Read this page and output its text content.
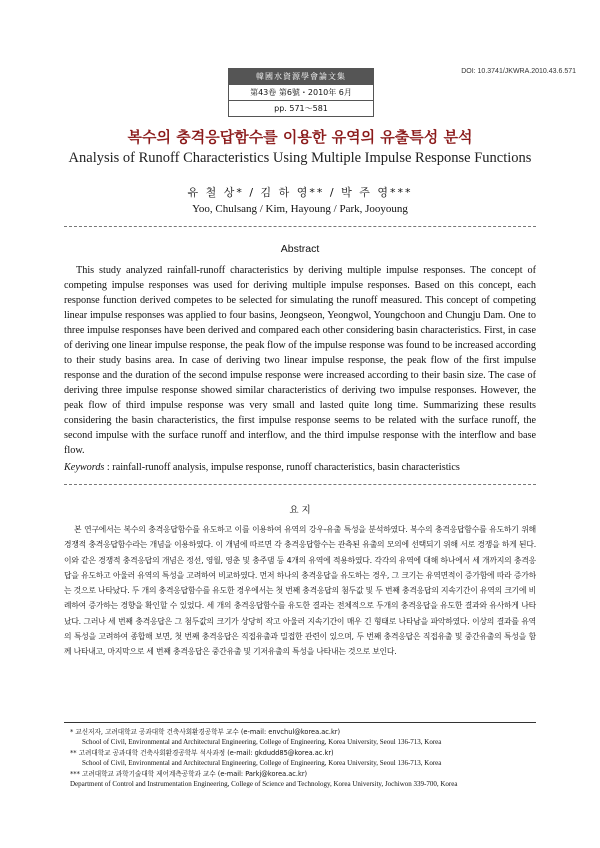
韓國水資源學會論文集
第43卷 第6號・2010年 6月
pp. 571～581
DOI: 10.3741/JKWRA.2010.43.6.571
복수의 충격응답함수를 이용한 유역의 유출특성 분석
Analysis of Runoff Characteristics Using Multiple Impulse Response Functions
유 철 상* / 김 하 영** / 박 주 영***
Yoo, Chulsang / Kim, Hayoung / Park, Jooyoung
Abstract

This study analyzed rainfall-runoff characteristics by deriving multiple impulse responses. The concept of competing impulse responses was used for deriving multiple impulse responses. Based on this concept, each response function derived competes to be selected for simulating the runoff measured. This concept of competing linear impulse responses was applied to four basins, Jeongseon, Yeongwol, Youngchoon and Chungju Dam. One to three impulse responses have been derived and compared each other considering basin characteristics. First, in case of deriving one linear impulse response, the peak flow of the impulse response was found to be increased according to their study basins area. In case of deriving two linear impulse response, the peak flow of the first impulse response and the duration of the second impulse response were increased according to their basin size. The case of deriving three impulse response showed similar characteristics of deriving two impulse responses. However, the peak flow of third impulse response was very small and lasted quite long time. Summarizing these results considering the basin characteristics, the first impulse response seems to be related with the surface runoff, the second impulse with the surface runoff and interflow, and the third impulse response with the interflow and base flow.

Keywords : rainfall-runoff analysis, impulse response, runoff characteristics, basin characteristics
요 지

본 연구에서는 복수의 충격응답함수를 유도하고 이를 이용하여 유역의 강우-유출 특성을 분석하였다. 복수의 충격응답함수를 유도하기 위해 경쟁적 충격응답함수라는 개념을 이용하였다. 이 개념에 따르면 각 충격응답함수는 관측된 유출의 모의에 선택되기 위해 서로 경쟁을 하게 된다. 이와 같은 경쟁적 충격응답의 개념은 정선, 영월, 영춘 및 충주댐 등 4개의 유역에 적용하였다. 각각의 유역에 대해 하나에서 세 개까지의 충격응답을 유도하고 아울러 유역의 특성을 고려하여 비교하였다. 먼저 하나의 충격응답을 유도하는 경우, 그 크기는 유역면적이 증가함에 따라 증가하는 것으로 나타났다. 두 개의 충격응답함수를 유도한 경우에서는 첫 번째 충격응답의 첨두값 및 두 번째 충격응답의 지속기간이 유역의 크기에 비례하여 증가하는 경향을 확인할 수 있었다. 세 개의 충격응답함수를 유도한 결과는 전체적으로 두개의 충격응답을 유도한 결과와 유사하게 나타났다. 그러나 세 번째 충격응답은 그 첨두값의 크기가 상당히 작고 아울러 지속기간이 매우 긴 형태로 나타남을 파악하였다. 이상의 결과를 유역의 특성을 고려하여 종합해 보면, 첫 번째 충격응답은 직접유출과 밀접한 관련이 있으며, 두 번째 충격응답은 직접유출 및 중간유출의 특성을 함께 나타내고, 마지막으로 세 번째 충격응답은 중간유출 및 기저유출의 특성을 나타내는 것으로 보인다.

* 교신저자, 고려대학교 공과대학 건축사회환경공학부 교수 (e-mail: envchul@korea.ac.kr)
School of Civil, Environmental and Architectural Engineering, College of Engineering, Korea University, Seoul 136-713, Korea
** 고려대학교 공과대학 건축사회환경공학부 석사과정 (e-mail: gkdudd85@korea.ac.kr)
School of Civil, Environmental and Architectural Engineering, College of Engineering, Korea University, Seoul 136-713, Korea
*** 고려대학교 과학기술대학 제어계측공학과 교수 (e-mail: Parkj@korea.ac.kr)
Department of Control and Instrumentation Engineering, College of Science and Technology, Korea University, Jochiwon 339-700, Korea
